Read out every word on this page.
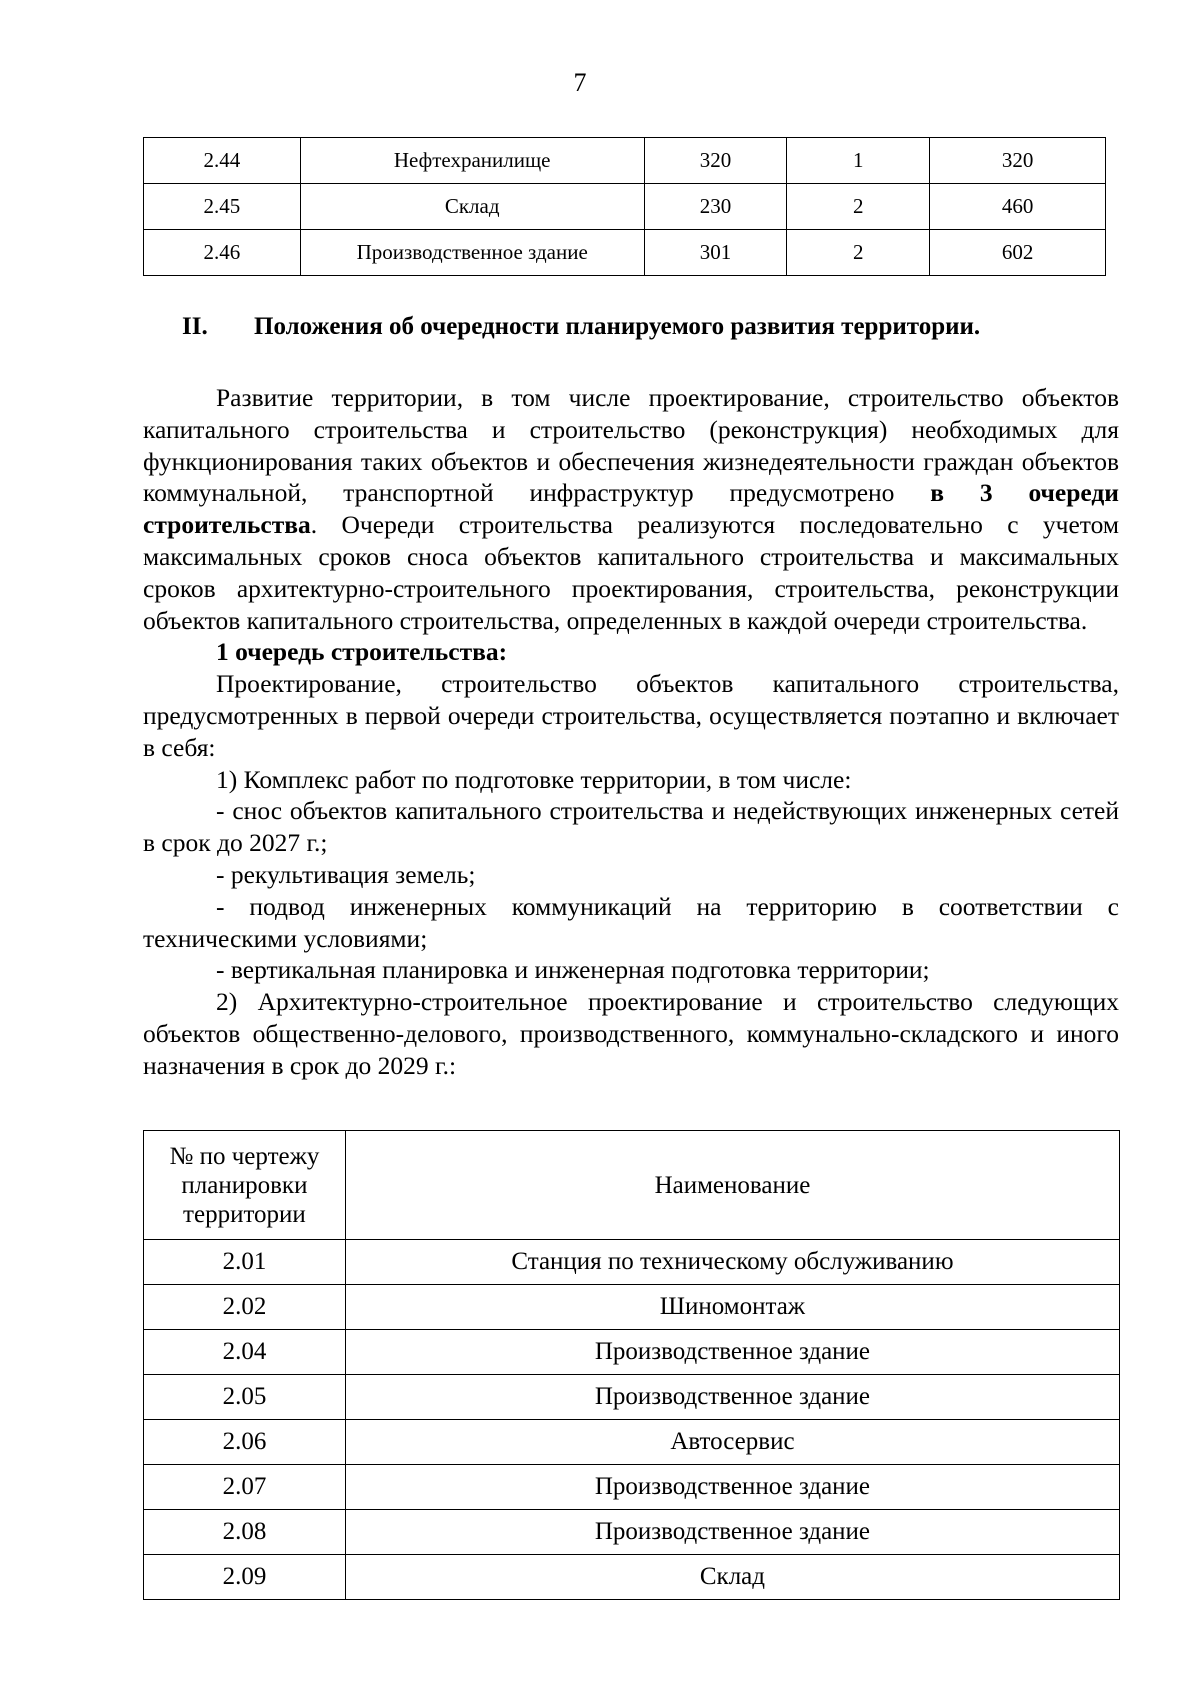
7
2.44	Нефтехранилище	320	1	320
2.45	Склад	230	2	460
2.46	Производственное здание	301	2	602
II. Положения об очередности планируемого развития территории.

Развитие территории, в том числе проектирование, строительство объектов капитального строительства и строительство (реконструкция) необходимых для функционирования таких объектов и обеспечения жизнедеятельности граждан объектов коммунальной, транспортной инфраструктур предусмотрено в 3 очереди строительства. Очереди строительства реализуются последовательно с учетом максимальных сроков сноса объектов капитального строительства и максимальных сроков архитектурно-строительного проектирования, строительства, реконструкции объектов капитального строительства, определенных в каждой очереди строительства.

1 очередь строительства:

Проектирование, строительство объектов капитального строительства, предусмотренных в первой очереди строительства, осуществляется поэтапно и включает в себя:

1) Комплекс работ по подготовке территории, в том числе:

- снос объектов капитального строительства и недействующих инженерных сетей в срок до 2027 г.;

- рекультивация земель;

- подвод инженерных коммуникаций на территорию в соответствии с техническими условиями;

- вертикальная планировка и инженерная подготовка территории;

2) Архитектурно-строительное проектирование и строительство следующих объектов общественно-делового, производственного, коммунально-складского и иного назначения в срок до 2029 г.:

№ по чертежу планировки территории	Наименование
2.01	Станция по техническому обслуживанию
2.02	Шиномонтаж
2.04	Производственное здание
2.05	Производственное здание
2.06	Автосервис
2.07	Производственное здание
2.08	Производственное здание
2.09	Склад
